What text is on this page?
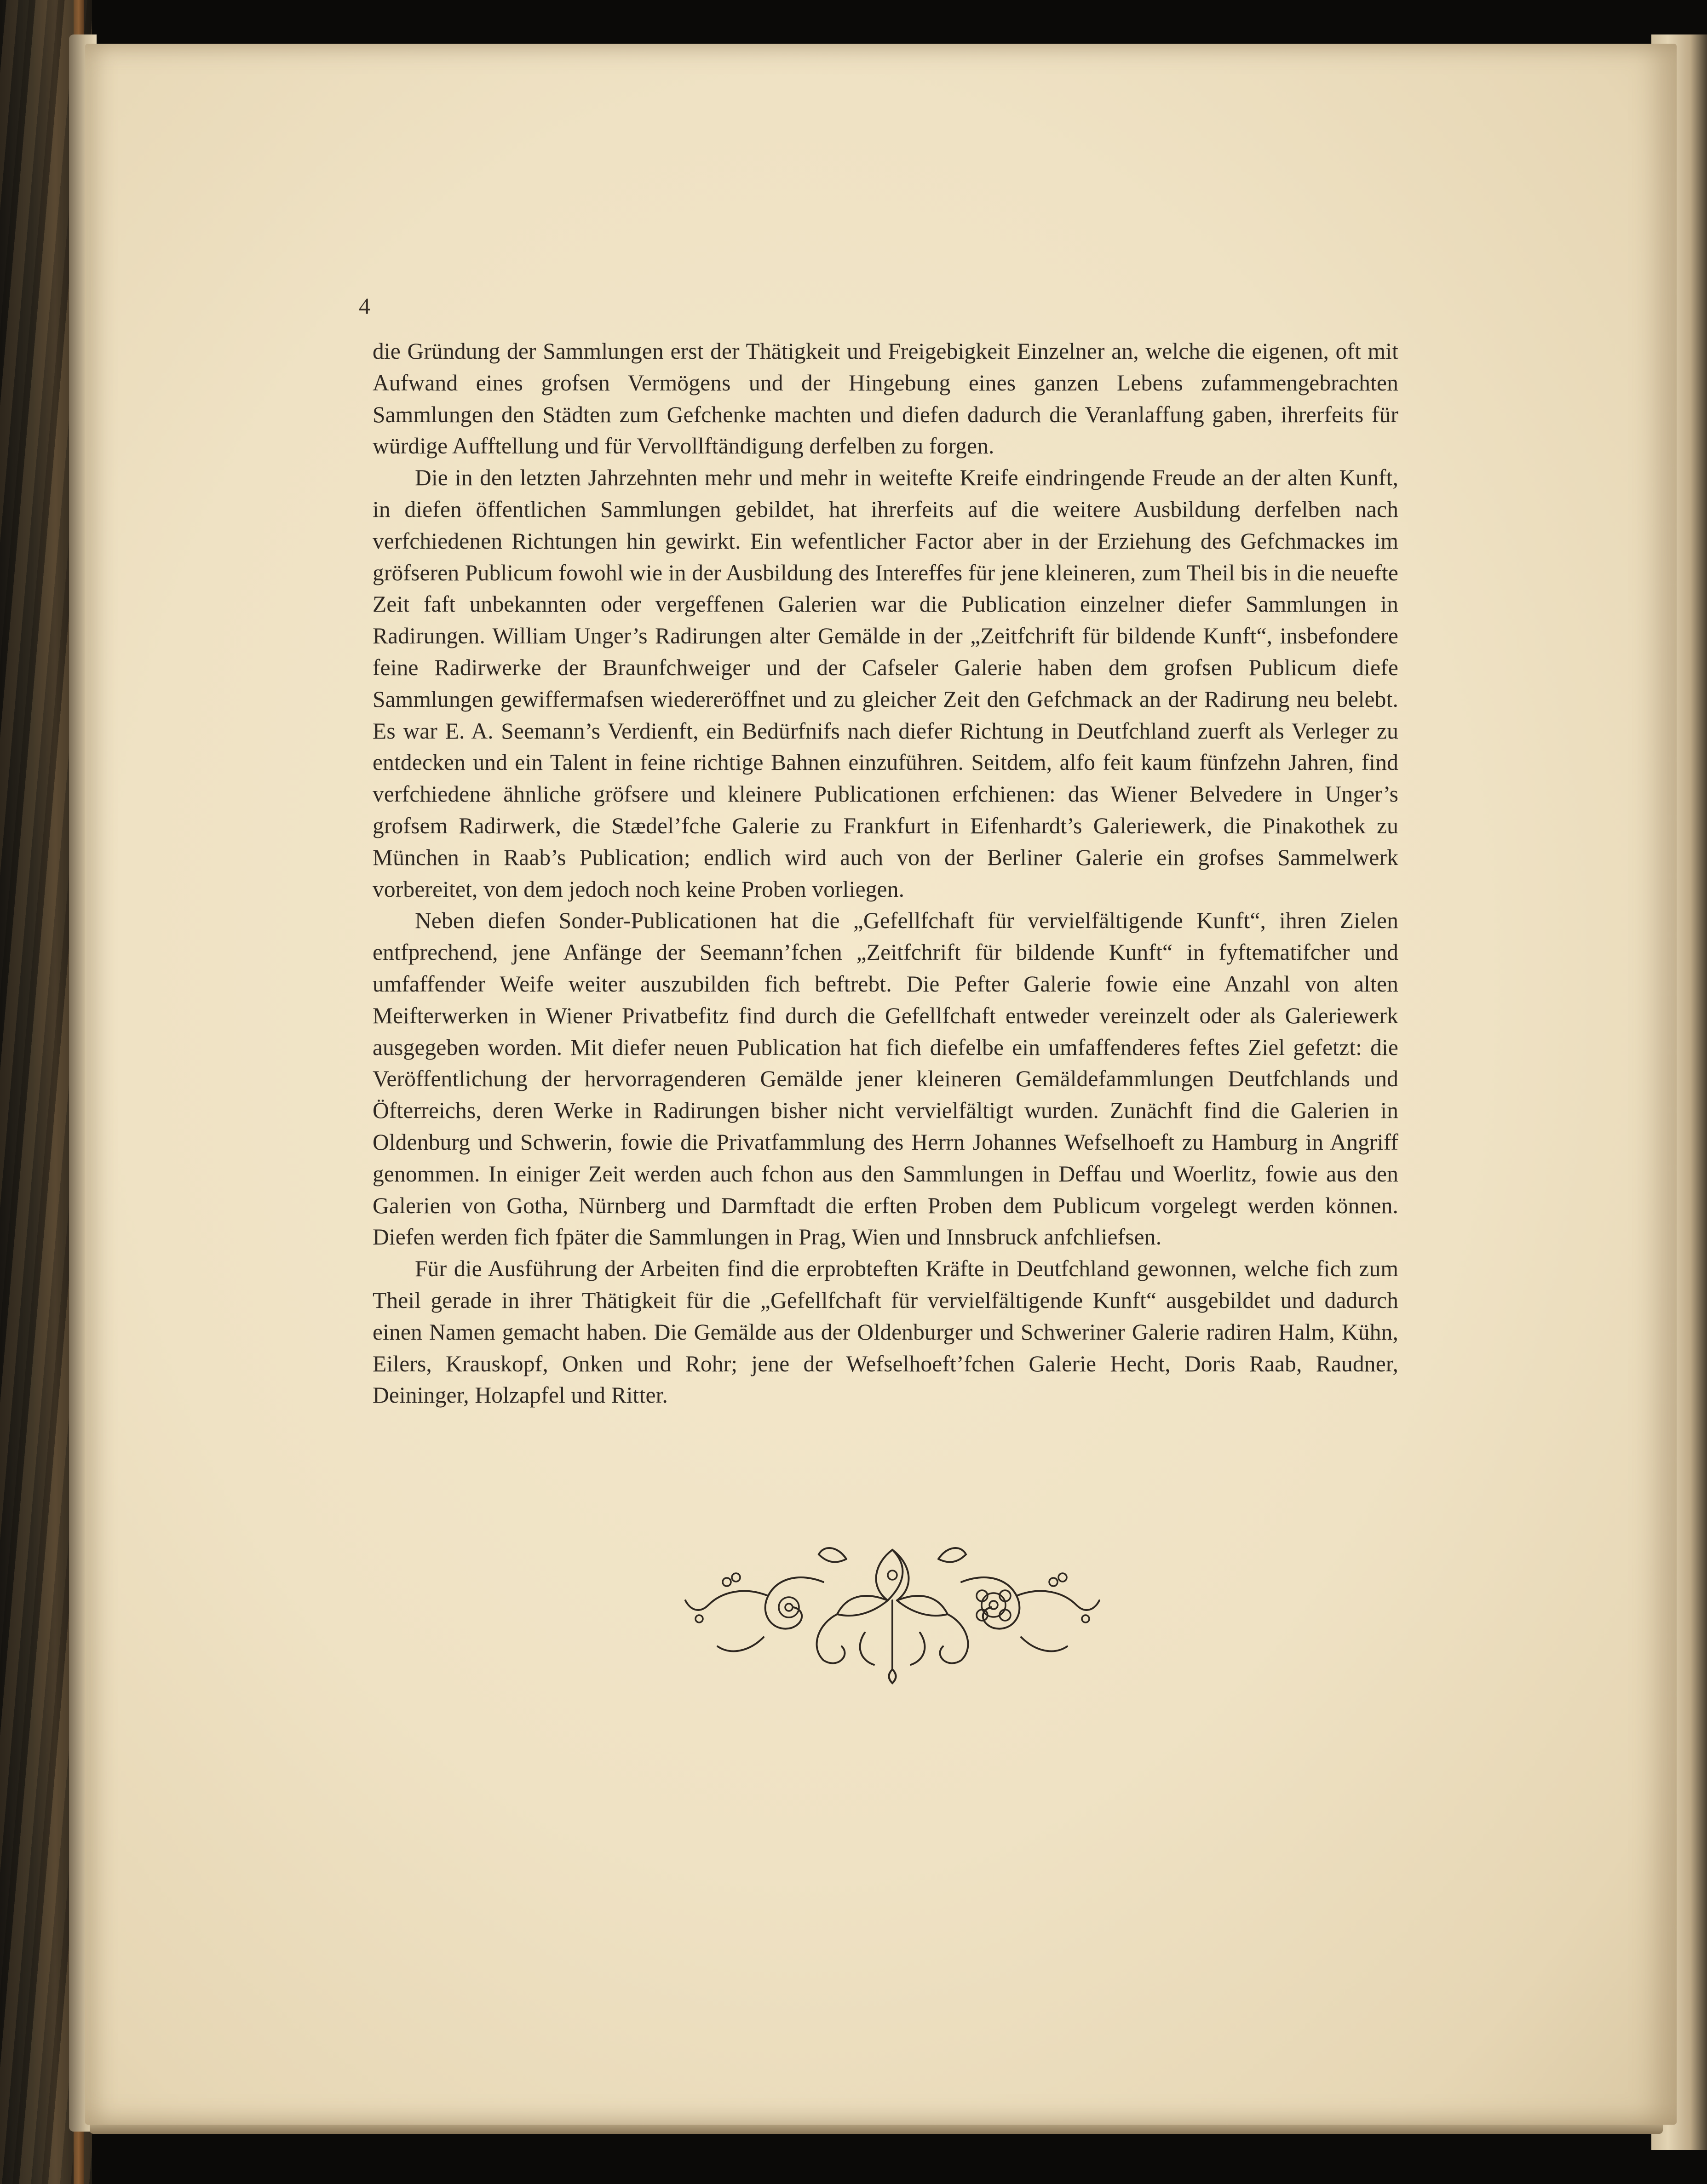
4

die Gründung der Sammlungen erst der Thätigkeit und Freigebigkeit Einzelner an, welche die eigenen, oft mit Aufwand eines grofsen Vermögens und der Hingebung eines ganzen Lebens zufammengebrachten Sammlungen den Städten zum Gefchenke machten und diefen dadurch die Veranlaffung gaben, ihrerfeits für würdige Aufftellung und für Vervollftändigung derfelben zu forgen.

Die in den letzten Jahrzehnten mehr und mehr in weitefte Kreife eindringende Freude an der alten Kunft, in diefen öffentlichen Sammlungen gebildet, hat ihrerfeits auf die weitere Ausbildung derfelben nach verfchiedenen Richtungen hin gewirkt. Ein wefentlicher Factor aber in der Erziehung des Gefchmackes im gröfseren Publicum fowohl wie in der Ausbildung des Intereffes für jene kleineren, zum Theil bis in die neuefte Zeit faft unbekannten oder vergeffenen Galerien war die Publication einzelner diefer Sammlungen in Radirungen. William Unger’s Radirungen alter Gemälde in der „Zeitfchrift für bildende Kunft“, insbefondere feine Radirwerke der Braunfchweiger und der Cafseler Galerie haben dem grofsen Publicum diefe Sammlungen gewiffermafsen wiedereröffnet und zu gleicher Zeit den Gefchmack an der Radirung neu belebt. Es war E. A. Seemann’s Verdienft, ein Bedürfnifs nach diefer Richtung in Deutfchland zuerft als Verleger zu entdecken und ein Talent in feine richtige Bahnen einzuführen. Seitdem, alfo feit kaum fünfzehn Jahren, find verfchiedene ähnliche gröfsere und kleinere Publicationen erfchienen: das Wiener Belvedere in Unger’s grofsem Radirwerk, die Stædel’fche Galerie zu Frankfurt in Eifenhardt’s Galeriewerk, die Pinakothek zu München in Raab’s Publication; endlich wird auch von der Berliner Galerie ein grofses Sammelwerk vorbereitet, von dem jedoch noch keine Proben vorliegen.

Neben diefen Sonder-Publicationen hat die „Gefellfchaft für vervielfältigende Kunft“, ihren Zielen entfprechend, jene Anfänge der Seemann’fchen „Zeitfchrift für bildende Kunft“ in fyftematifcher und umfaffender Weife weiter auszubilden fich beftrebt. Die Pefter Galerie fowie eine Anzahl von alten Meifterwerken in Wiener Privatbefitz find durch die Gefellfchaft entweder vereinzelt oder als Galeriewerk ausgegeben worden. Mit diefer neuen Publication hat fich diefelbe ein umfaffenderes feftes Ziel gefetzt: die Veröffentlichung der hervorragenderen Gemälde jener kleineren Gemäldefammlungen Deutfchlands und Öfterreichs, deren Werke in Radirungen bisher nicht vervielfältigt wurden. Zunächft find die Galerien in Oldenburg und Schwerin, fowie die Privatfammlung des Herrn Johannes Wefselhoeft zu Hamburg in Angriff genommen. In einiger Zeit werden auch fchon aus den Sammlungen in Deffau und Woerlitz, fowie aus den Galerien von Gotha, Nürnberg und Darmftadt die erften Proben dem Publicum vorgelegt werden können. Diefen werden fich fpäter die Sammlungen in Prag, Wien und Innsbruck anfchliefsen.

Für die Ausführung der Arbeiten find die erprobteften Kräfte in Deutfchland gewonnen, welche fich zum Theil gerade in ihrer Thätigkeit für die „Gefellfchaft für vervielfältigende Kunft“ ausgebildet und dadurch einen Namen gemacht haben. Die Gemälde aus der Oldenburger und Schweriner Galerie radiren Halm, Kühn, Eilers, Krauskopf, Onken und Rohr; jene der Wefselhoeft’fchen Galerie Hecht, Doris Raab, Raudner, Deininger, Holzapfel und Ritter.
